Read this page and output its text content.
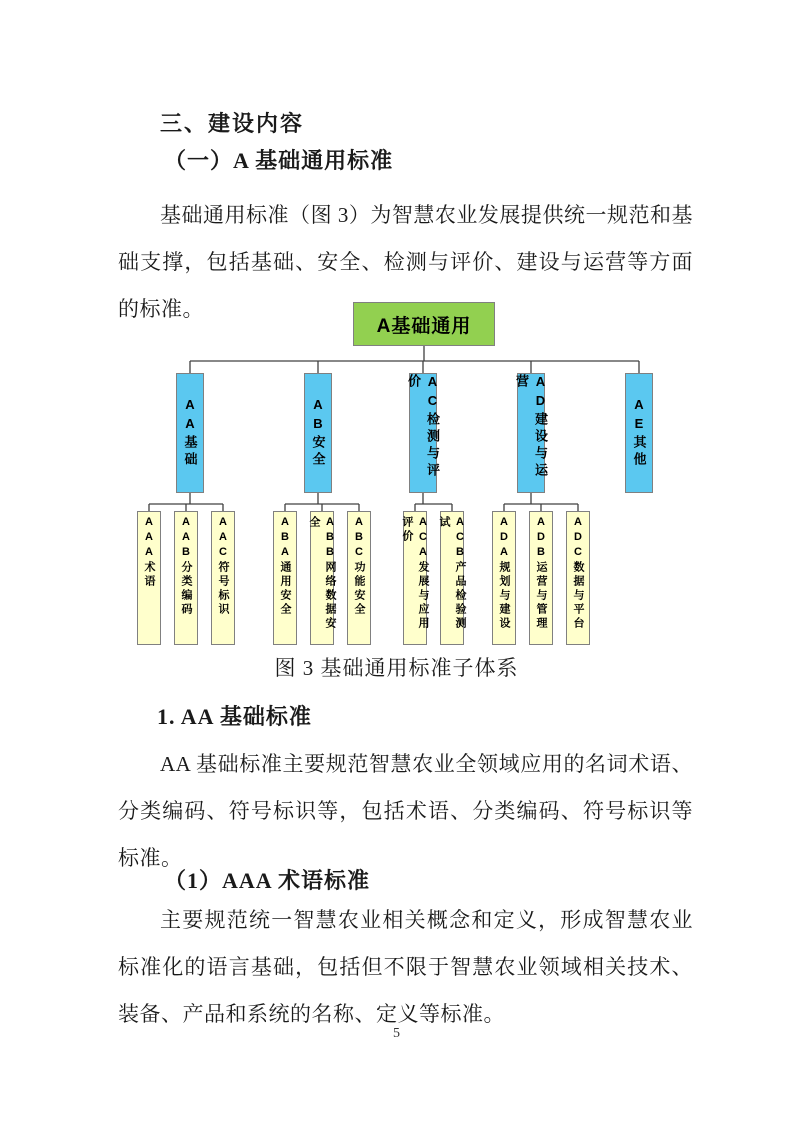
三、建设内容
（一）A 基础通用标准
基础通用标准（图 3）为智慧农业发展提供统一规范和基础支撑，包括基础、安全、检测与评价、建设与运营等方面的标准。
A基础通用
AA基础	AB安全	AC检测与评价	AD建设与运营
AE其他
AAA术语 AAB分类编码 AAC符号标识	ABA通用安全	ABB网络数据安全	ABC功能安全	ACA发展与应用评价	ACB产品检验测试	ADA规划与建设 ADB运营与管理 ADC数据与平台
图 3 基础通用标准子体系
1. AA 基础标准
AA 基础标准主要规范智慧农业全领域应用的名词术语、分类编码、符号标识等，包括术语、分类编码、符号标识等标准。
（1）AAA 术语标准
主要规范统一智慧农业相关概念和定义，形成智慧农业标准化的语言基础，包括但不限于智慧农业领域相关技术、装备、产品和系统的名称、定义等标准。
5
